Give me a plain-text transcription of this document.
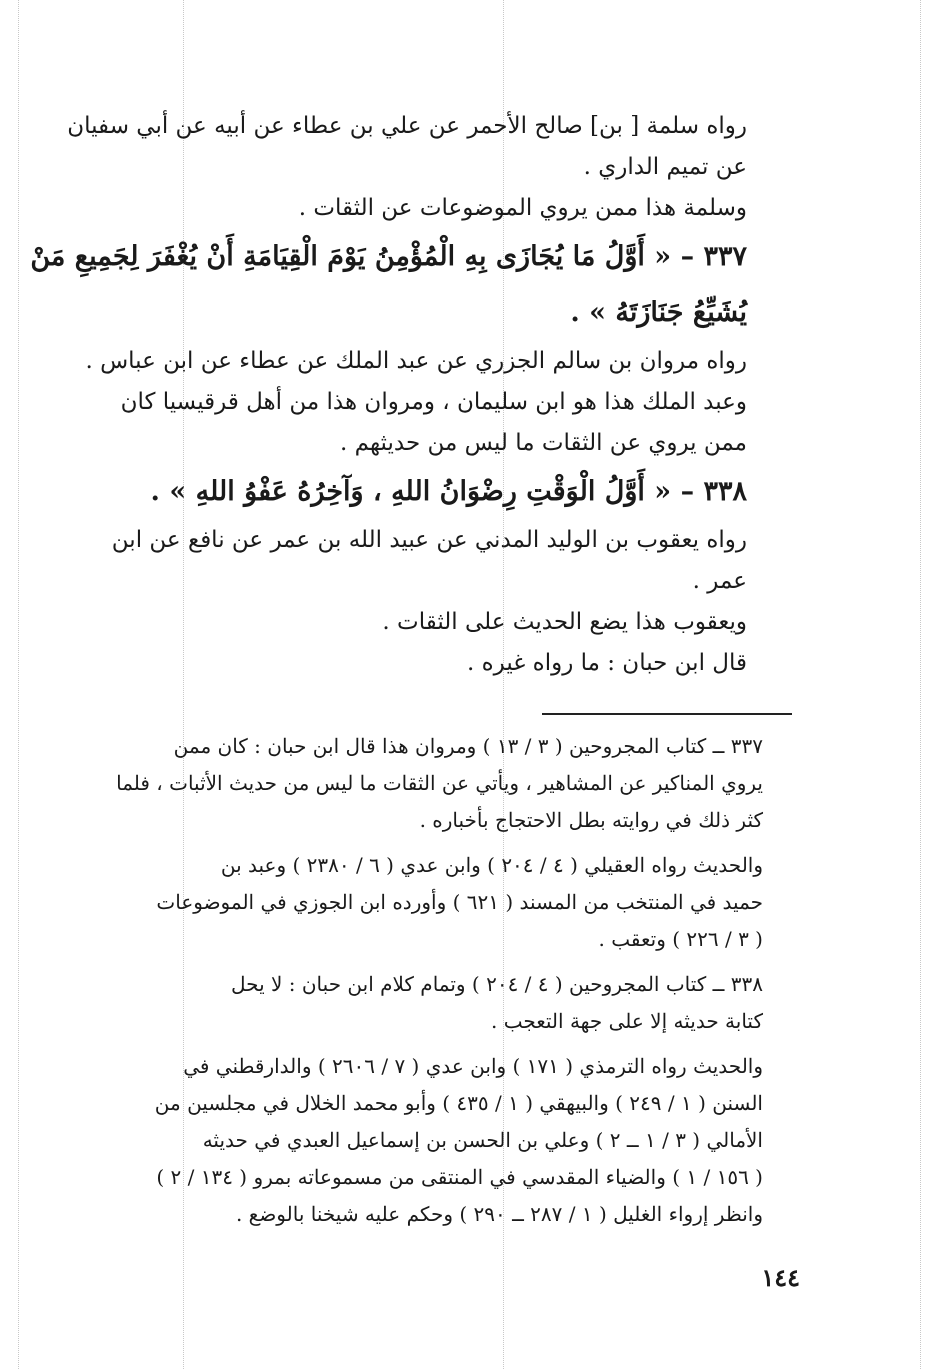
رواه سلمة [ بن] صالح الأحمر عن علي بن عطاء عن أبيه عن أبي سفيان

عن تميم الداري .

وسلمة هذا ممن يروي الموضوعات عن الثقات .

٣٣٧ – « أَوَّلُ مَا يُجَازَى بِهِ الْمُؤْمِنُ يَوْمَ الْقِيَامَةِ أَنْ يُغْفَرَ لِجَمِيعِ مَنْ

يُشَيِّعُ جَنَازَتَهُ » .

رواه مروان بن سالم الجزري عن عبد الملك عن عطاء عن ابن عباس .

وعبد الملك هذا هو ابن سليمان ، ومروان هذا من أهل قرقيسيا كان

ممن يروي عن الثقات ما ليس من حديثهم .

٣٣٨ – « أَوَّلُ الْوَقْتِ رِضْوَانُ اللهِ ، وَآخِرُهُ عَفْوُ اللهِ » .

رواه يعقوب بن الوليد المدني عن عبيد الله بن عمر عن نافع عن ابن

عمر .

ويعقوب هذا يضع الحديث على الثقات .

قال ابن حبان : ما رواه غيره .

٣٣٧ ــ كتاب المجروحين ( ٣ / ١٣ ) ومروان هذا قال ابن حبان : كان ممن
يروي المناكير عن المشاهير ، ويأتي عن الثقات ما ليس من حديث الأثبات ، فلما
كثر ذلك في روايته بطل الاحتجاج بأخباره .
والحديث رواه العقيلي ( ٤ / ٢٠٤ ) وابن عدي ( ٦ / ٢٣٨٠ ) وعبد بن
حميد في المنتخب من المسند ( ٦٢١ ) وأورده ابن الجوزي في الموضوعات
( ٣ / ٢٢٦ ) وتعقب .
٣٣٨ ــ كتاب المجروحين ( ٤ / ٢٠٤ ) وتمام كلام ابن حبان : لا يحل
كتابة حديثه إلا على جهة التعجب .
والحديث رواه الترمذي ( ١٧١ ) وابن عدي ( ٧ / ٢٦٠٦ ) والدارقطني في
السنن ( ١ / ٢٤٩ ) والبيهقي ( ١ / ٤٣٥ ) وأبو محمد الخلال في مجلسين من
الأمالي ( ٣ / ١ ــ ٢ ) وعلي بن الحسن بن إسماعيل العبدي في حديثه
( ١٥٦ / ١ ) والضياء المقدسي في المنتقى من مسموعاته بمرو ( ١٣٤ / ٢ )
وانظر إرواء الغليل ( ١ / ٢٨٧ ــ ٢٩٠ ) وحكم عليه شيخنا بالوضع .
١٤٤
